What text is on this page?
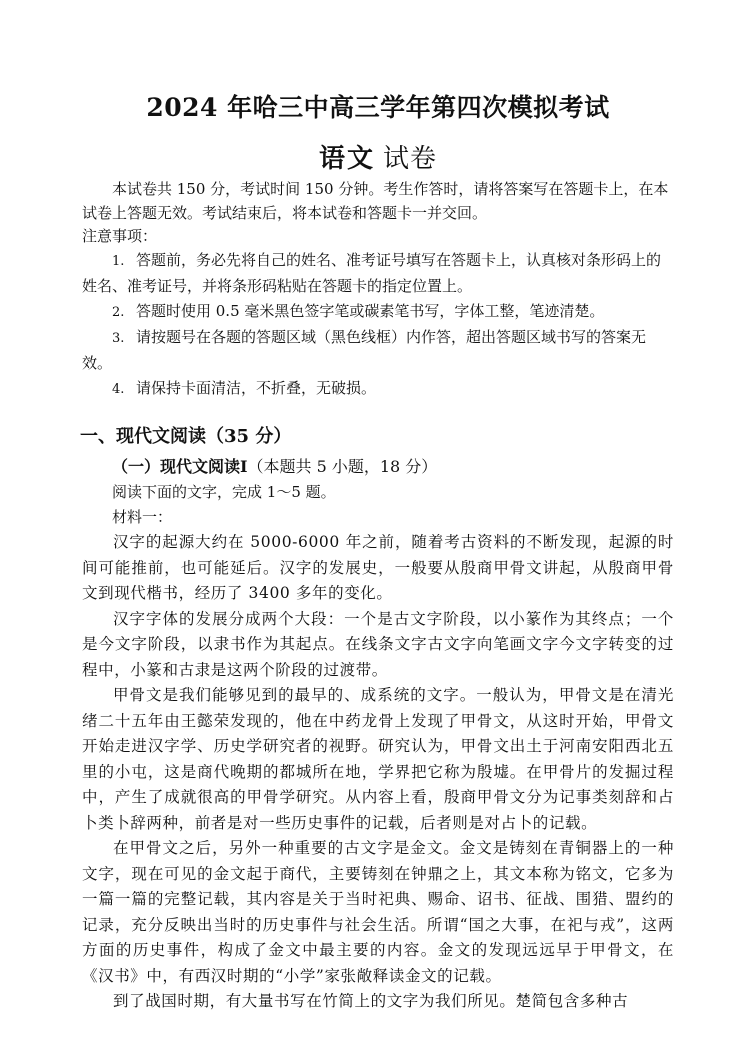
2024 年哈三中高三学年第四次模拟考试
语文 试卷

本试卷共 150 分，考试时间 150 分钟。考生作答时，请将答案写在答题卡上，在本试卷上答题无效。考试结束后，将本试卷和答题卡一并交回。

注意事项：
1. 答题前，务必先将自己的姓名、准考证号填写在答题卡上，认真核对条形码上的姓名、准考证号，并将条形码粘贴在答题卡的指定位置上。
2. 答题时使用 0.5 毫米黑色签字笔或碳素笔书写，字体工整，笔迹清楚。
3. 请按题号在各题的答题区域（黑色线框）内作答，超出答题区域书写的答案无效。
4. 请保持卡面清洁，不折叠，无破损。
一、现代文阅读（35 分）
（一）现代文阅读Ⅰ（本题共 5 小题，18 分）
阅读下面的文字，完成 1～5 题。
材料一：

汉字的起源大约在 5000-6000 年之前，随着考古资料的不断发现，起源的时间可能推前，也可能延后。汉字的发展史，一般要从殷商甲骨文讲起，从殷商甲骨文到现代楷书，经历了 3400 多年的变化。

汉字字体的发展分成两个大段：一个是古文字阶段，以小篆作为其终点；一个是今文字阶段，以隶书作为其起点。在线条文字古文字向笔画文字今文字转变的过程中，小篆和古隶是这两个阶段的过渡带。

甲骨文是我们能够见到的最早的、成系统的文字。一般认为，甲骨文是在清光绪二十五年由王懿荣发现的，他在中药龙骨上发现了甲骨文，从这时开始，甲骨文开始走进汉字学、历史学研究者的视野。研究认为，甲骨文出土于河南安阳西北五里的小屯，这是商代晚期的都城所在地，学界把它称为殷墟。在甲骨片的发掘过程中，产生了成就很高的甲骨学研究。从内容上看，殷商甲骨文分为记事类刻辞和占卜类卜辞两种，前者是对一些历史事件的记载，后者则是对占卜的记载。

在甲骨文之后，另外一种重要的古文字是金文。金文是铸刻在青铜器上的一种文字，现在可见的金文起于商代，主要铸刻在钟鼎之上，其文本称为铭文，它多为一篇一篇的完整记载，其内容是关于当时祀典、赐命、诏书、征战、围猎、盟约的记录，充分反映出当时的历史事件与社会生活。所谓“国之大事，在祀与戎”，这两方面的历史事件，构成了金文中最主要的内容。金文的发现远远早于甲骨文，在《汉书》中，有西汉时期的“小学”家张敞释读金文的记载。

到了战国时期，有大量书写在竹简上的文字为我们所见。楚简包含多种古
